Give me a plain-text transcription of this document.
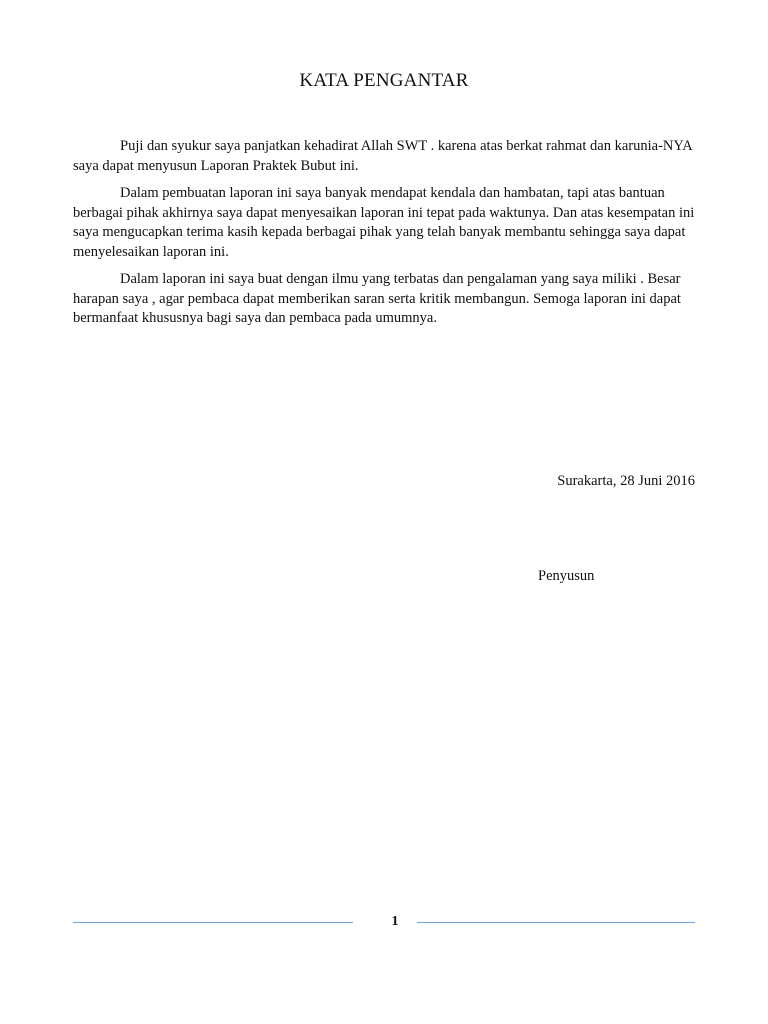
KATA PENGANTAR

Puji dan syukur saya panjatkan kehadirat Allah SWT . karena atas berkat rahmat dan karunia-NYA saya dapat menyusun Laporan Praktek Bubut ini.

Dalam pembuatan laporan ini saya banyak mendapat kendala dan hambatan, tapi atas bantuan berbagai pihak akhirnya saya dapat menyesaikan laporan ini tepat pada waktunya. Dan atas kesempatan ini saya mengucapkan terima kasih kepada berbagai pihak yang telah banyak membantu sehingga saya dapat menyelesaikan laporan ini.

Dalam laporan ini saya buat dengan ilmu yang terbatas dan pengalaman yang saya miliki . Besar harapan saya , agar pembaca dapat memberikan saran serta kritik membangun. Semoga laporan ini dapat bermanfaat khususnya bagi saya dan pembaca pada umumnya.

Surakarta, 28 Juni 2016
Penyusun
1
